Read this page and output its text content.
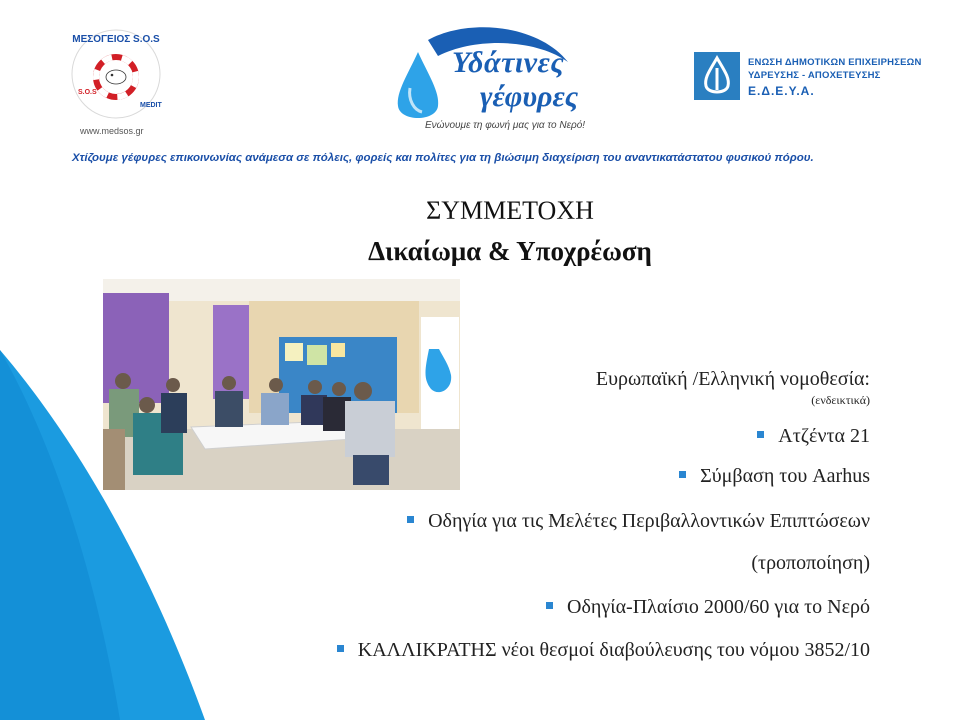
ΜΕΣΟΓΕΙΟΣ S.O.S
S.O.S
MEDIT
www.medsos.gr
Υδάτινες
γέφυρες
Ενώνουμε τη φωνή μας για το Νερό!
ΕΝΩΣΗ ΔΗΜΟΤΙΚΩΝ ΕΠΙΧΕΙΡΗΣΕΩΝ
ΥΔΡΕΥΣΗΣ - ΑΠΟΧΕΤΕΥΣΗΣ
Ε.Δ.Ε.Υ.Α.
Χτίζουμε γέφυρες επικοινωνίας ανάμεσα σε πόλεις, φορείς και πολίτες για τη βιώσιμη διαχείριση του αναντικατάστατου φυσικού πόρου.
ΣΥΜΜΕΤΟΧΗ
Δικαίωμα & Υποχρέωση
Ευρωπαϊκή /Ελληνική νομοθεσία:
(ενδεικτικά)
Ατζέντα 21
Σύμβαση του Aarhus
Οδηγία για τις Μελέτες Περιβαλλοντικών Επιπτώσεων
(τροποποίηση)
Οδηγία-Πλαίσιο 2000/60 για το Νερό
ΚΑΛΛΙΚΡΑΤΗΣ νέοι θεσμοί διαβούλευσης του νόμου 3852/10
